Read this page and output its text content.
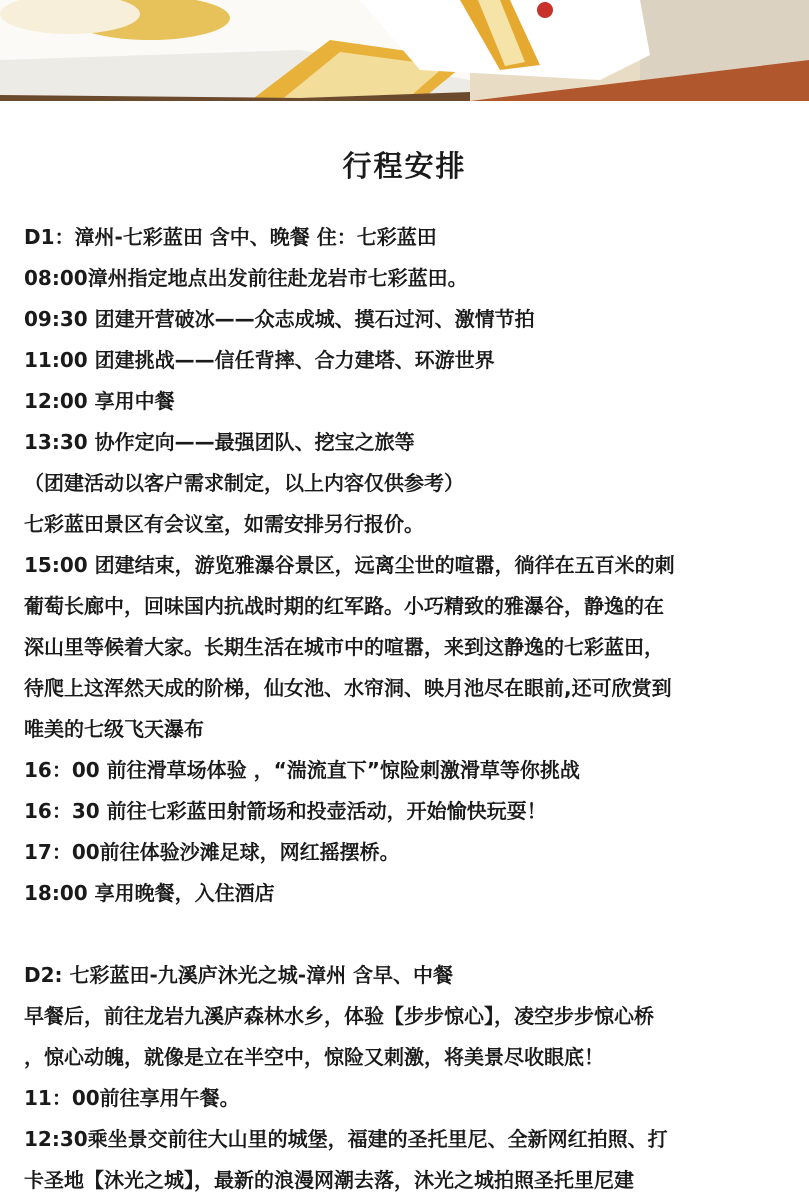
行程安排
D1：漳州-七彩蓝田 含中、晚餐 住：七彩蓝田
08:00漳州指定地点出发前往赴龙岩市七彩蓝田。
09:30 团建开营破冰——众志成城、摸石过河、激情节拍
11:00 团建挑战——信任背摔、合力建塔、环游世界
12:00 享用中餐
13:30 协作定向——最强团队、挖宝之旅等
（团建活动以客户需求制定，以上内容仅供参考）
七彩蓝田景区有会议室，如需安排另行报价。
15:00 团建结束，游览雅瀑谷景区，远离尘世的喧嚣，徜徉在五百米的刺
葡萄长廊中，回味国内抗战时期的红军路。小巧精致的雅瀑谷，静逸的在
深山里等候着大家。长期生活在城市中的喧嚣，来到这静逸的七彩蓝田，
待爬上这浑然天成的阶梯，仙女池、水帘洞、映月池尽在眼前,还可欣赏到
唯美的七级飞天瀑布
16：00 前往滑草场体验 ，“湍流直下”惊险刺激滑草等你挑战
16：30 前往七彩蓝田射箭场和投壶活动，开始愉快玩耍！
17：00前往体验沙滩足球，网红摇摆桥。
18:00 享用晚餐，入住酒店
D2: 七彩蓝田-九溪庐沐光之城-漳州 含早、中餐
早餐后，前往龙岩九溪庐森林水乡，体验【步步惊心】，凌空步步惊心桥
，惊心动魄，就像是立在半空中，惊险又刺激，将美景尽收眼底！
11：00前往享用午餐。
12:30乘坐景交前往大山里的城堡，福建的圣托里尼、全新网红拍照、打
卡圣地【沐光之城】，最新的浪漫网潮去落，沐光之城拍照圣托里尼建
